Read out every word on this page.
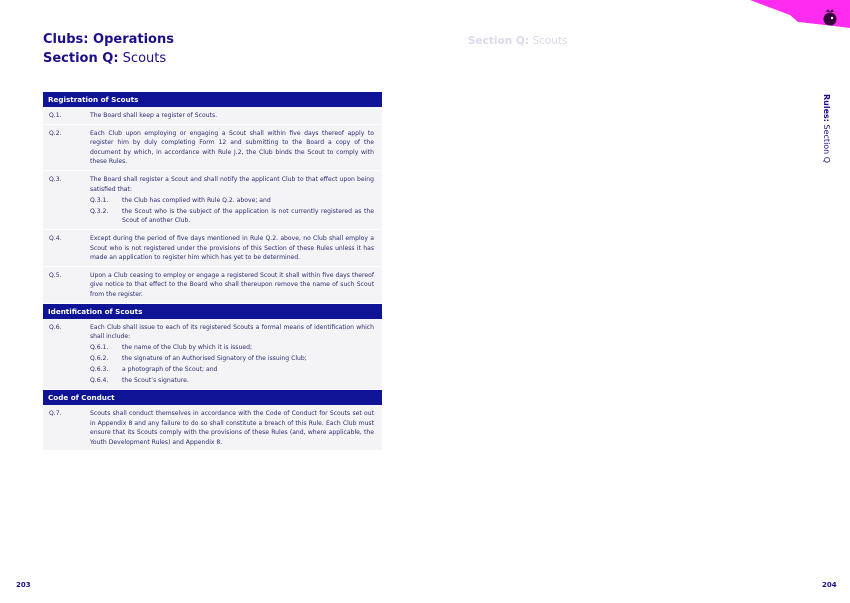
Clubs: Operations
Section Q: Scouts
Section Q: Scouts
Rules: Section Q
Registration of Scouts
Q.1.	The Board shall keep a register of Scouts.
Q.2.	Each Club upon employing or engaging a Scout shall within five days thereof apply to register him by duly completing Form 12 and submitting to the Board a copy of the document by which, in accordance with Rule J.2, the Club binds the Scout to comply with these Rules.
Q.3.	The Board shall register a Scout and shall notify the applicant Club to that effect upon being satisfied that:
Q.3.1. the Club has complied with Rule Q.2. above; and
Q.3.2. the Scout who is the subject of the application is not currently registered as the Scout of another Club.
Q.4.	Except during the period of five days mentioned in Rule Q.2. above, no Club shall employ a Scout who is not registered under the provisions of this Section of these Rules unless it has made an application to register him which has yet to be determined.
Q.5.	Upon a Club ceasing to employ or engage a registered Scout it shall within five days thereof give notice to that effect to the Board who shall thereupon remove the name of such Scout from the register.
Identification of Scouts
Q.6.	Each Club shall issue to each of its registered Scouts a formal means of identification which shall include:
Q.6.1. the name of the Club by which it is issued;
Q.6.2. the signature of an Authorised Signatory of the issuing Club;
Q.6.3. a photograph of the Scout; and
Q.6.4. the Scout’s signature.
Code of Conduct
Q.7.	Scouts shall conduct themselves in accordance with the Code of Conduct for Scouts set out in Appendix 8 and any failure to do so shall constitute a breach of this Rule. Each Club must ensure that its Scouts comply with the provisions of these Rules (and, where applicable, the Youth Development Rules) and Appendix 8.
203	204
